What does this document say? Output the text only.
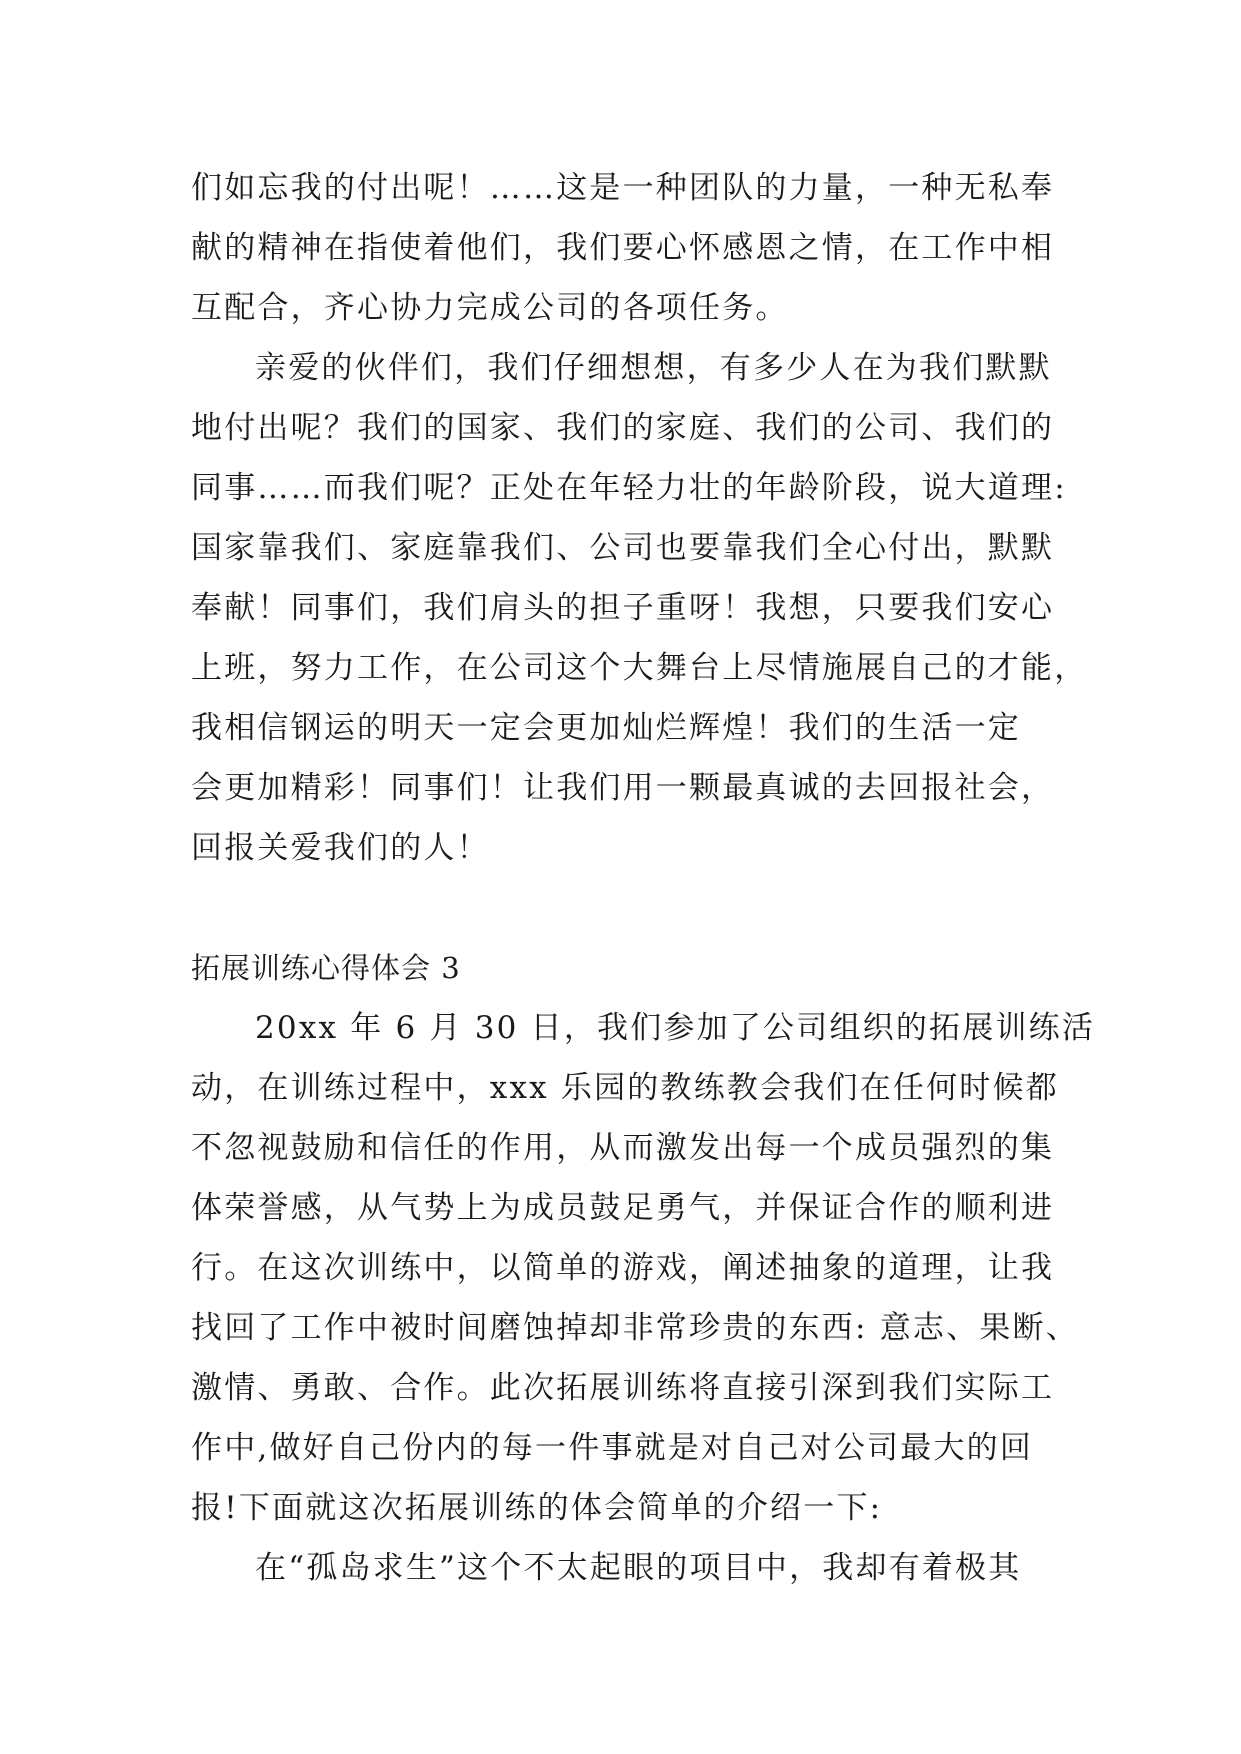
们如忘我的付出呢！……这是一种团队的力量，一种无私奉
献的精神在指使着他们，我们要心怀感恩之情，在工作中相
互配合，齐心协力完成公司的各项任务。
亲爱的伙伴们，我们仔细想想，有多少人在为我们默默
地付出呢？我们的国家、我们的家庭、我们的公司、我们的
同事……而我们呢？正处在年轻力壮的年龄阶段，说大道理:
国家靠我们、家庭靠我们、公司也要靠我们全心付出，默默
奉献！同事们，我们肩头的担子重呀！我想，只要我们安心
上班，努力工作，在公司这个大舞台上尽情施展自己的才能，
我相信钢运的明天一定会更加灿烂辉煌！我们的生活一定
会更加精彩！同事们！让我们用一颗最真诚的去回报社会，
回报关爱我们的人！
拓展训练心得体会 3
20xx 年 6 月 30 日，我们参加了公司组织的拓展训练活
动，在训练过程中，xxx 乐园的教练教会我们在任何时候都
不忽视鼓励和信任的作用，从而激发出每一个成员强烈的集
体荣誉感，从气势上为成员鼓足勇气，并保证合作的顺利进
行。在这次训练中，以简单的游戏，阐述抽象的道理，让我
找回了工作中被时间磨蚀掉却非常珍贵的东西: 意志、果断、
激情、勇敢、合作。此次拓展训练将直接引深到我们实际工
作中,做好自己份内的每一件事就是对自己对公司最大的回
报!下面就这次拓展训练的体会简单的介绍一下:
在“孤岛求生”这个不太起眼的项目中，我却有着极其
